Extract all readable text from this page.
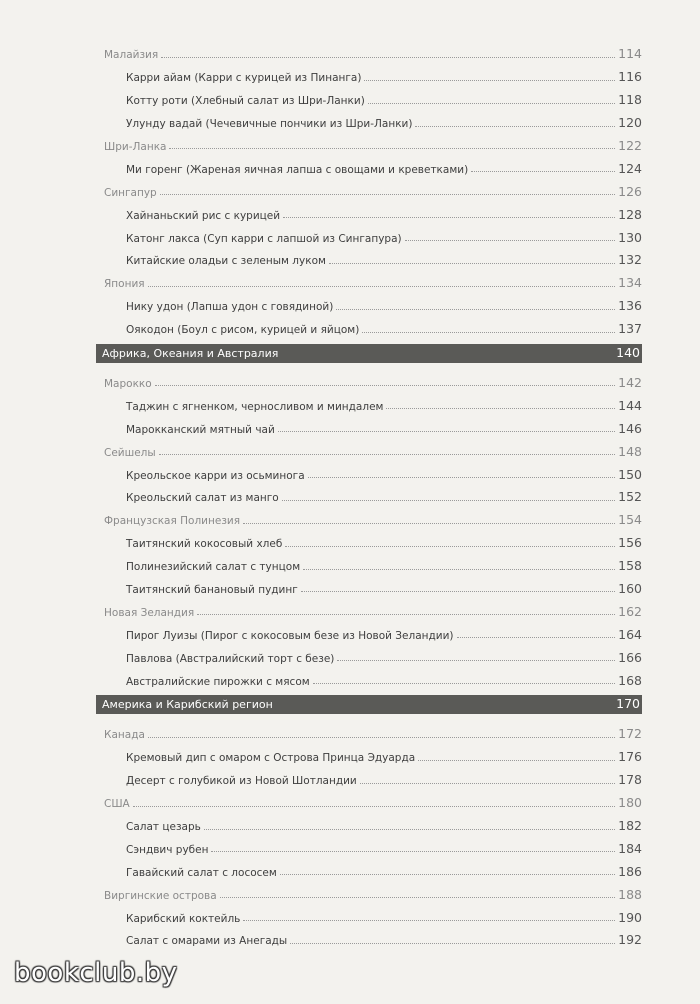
Малайзия	114
Карри айам (Карри с курицей из Пинанга)	116
Котту роти (Хлебный салат из Шри-Ланки)	118
Улунду вадай (Чечевичные пончики из Шри-Ланки)	120
Шри-Ланка	122
Ми горенг (Жареная яичная лапша с овощами и креветками)	124
Сингапур	126
Хайнаньский рис с курицей	128
Катонг лакса (Суп карри с лапшой из Сингапура)	130
Китайские оладьи с зеленым луком	132
Япония	134
Нику удон (Лапша удон с говядиной)	136
Оякодон (Боул с рисом, курицей и яйцом)	137
Африка, Океания и Австралия	140
Марокко	142
Таджин с ягненком, черносливом и миндалем	144
Марокканский мятный чай	146
Сейшелы	148
Креольское карри из осьминога	150
Креольский салат из манго	152
Французская Полинезия	154
Таитянский кокосовый хлеб	156
Полинезийский салат с тунцом	158
Таитянский банановый пудинг	160
Новая Зеландия	162
Пирог Луизы (Пирог с кокосовым безе из Новой Зеландии)	164
Павлова (Австралийский торт с безе)	166
Австралийские пирожки с мясом	168
Америка и Карибский регион	170
Канада	172
Кремовый дип с омаром с Острова Принца Эдуарда	176
Десерт с голубикой из Новой Шотландии	178
США	180
Салат цезарь	182
Сэндвич рубен	184
Гавайский салат с лососем	186
Виргинские острова	188
Карибский коктейль	190
Салат с омарами из Анегады	192
bookclub.by
